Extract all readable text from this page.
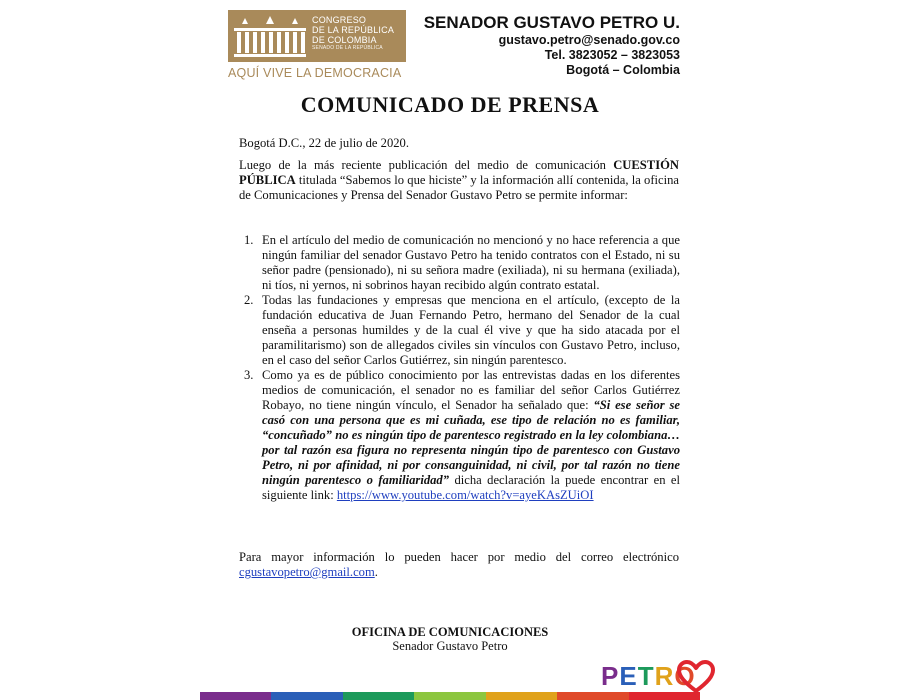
CONGRESO
DE LA REPÚBLICA
DE COLOMBIA
SENADO DE LA REPÚBLICA
AQUÍ VIVE LA DEMOCRACIA
SENADOR GUSTAVO PETRO U.
gustavo.petro@senado.gov.co
Tel. 3823052 – 3823053
Bogotá – Colombia
COMUNICADO DE PRENSA
Bogotá D.C., 22 de julio de 2020.
Luego de la más reciente publicación del medio de comunicación CUESTIÓN PÚBLICA titulada “Sabemos lo que hiciste” y la información allí contenida, la oficina de Comunicaciones y Prensa del Senador Gustavo Petro se permite informar:
1. En el artículo del medio de comunicación no mencionó y no hace referencia a que ningún familiar del senador Gustavo Petro ha tenido contratos con el Estado, ni su señor padre (pensionado), ni su señora madre (exiliada), ni su hermana (exiliada), ni tíos, ni yernos, ni sobrinos hayan recibido algún contrato estatal.
2. Todas las fundaciones y empresas que menciona en el artículo, (excepto de la fundación educativa de Juan Fernando Petro, hermano del Senador de la cual enseña a personas humildes y de la cual él vive y que ha sido atacada por el paramilitarismo) son de allegados civiles sin vínculos con Gustavo Petro, incluso, en el caso del señor Carlos Gutiérrez, sin ningún parentesco.
3. Como ya es de público conocimiento por las entrevistas dadas en los diferentes medios de comunicación, el senador no es familiar del señor Carlos Gutiérrez Robayo, no tiene ningún vínculo, el Senador ha señalado que: “Si ese señor se casó con una persona que es mi cuñada, ese tipo de relación no es familiar, “concuñado” no es ningún tipo de parentesco registrado en la ley colombiana… por tal razón esa figura no representa ningún tipo de parentesco con Gustavo Petro, ni por afinidad, ni por consanguinidad, ni civil, por tal razón no tiene ningún parentesco o familiaridad” dicha declaración la puede encontrar en el siguiente link: https://www.youtube.com/watch?v=ayeKAsZUiOI
Para mayor información lo pueden hacer por medio del correo electrónico cgustavopetro@gmail.com.
OFICINA DE COMUNICACIONES
Senador Gustavo Petro
PETRO
